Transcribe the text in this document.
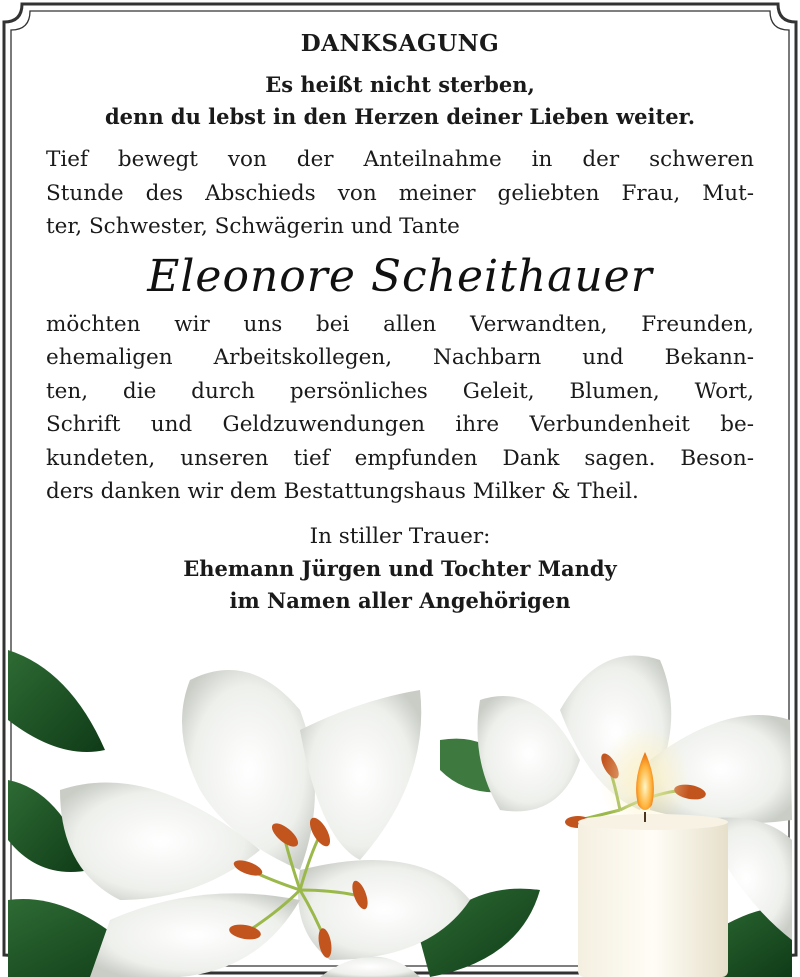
DANKSAGUNG
Es heißt nicht sterben,
denn du lebst in den Herzen deiner Lieben weiter.
Tief bewegt von der Anteilnahme in der schweren
Stunde des Abschieds von meiner geliebten Frau, Mut-
ter, Schwester, Schwägerin und Tante
Eleonore Scheithauer
möchten wir uns bei allen Verwandten, Freunden,
ehemaligen Arbeitskollegen, Nachbarn und Bekann-
ten, die durch persönliches Geleit, Blumen, Wort,
Schrift und Geldzuwendungen ihre Verbundenheit be-
kundeten, unseren tief empfunden Dank sagen. Beson-
ders danken wir dem Bestattungshaus Milker & Theil.
In stiller Trauer:
Ehemann Jürgen und Tochter Mandy
im Namen aller Angehörigen
